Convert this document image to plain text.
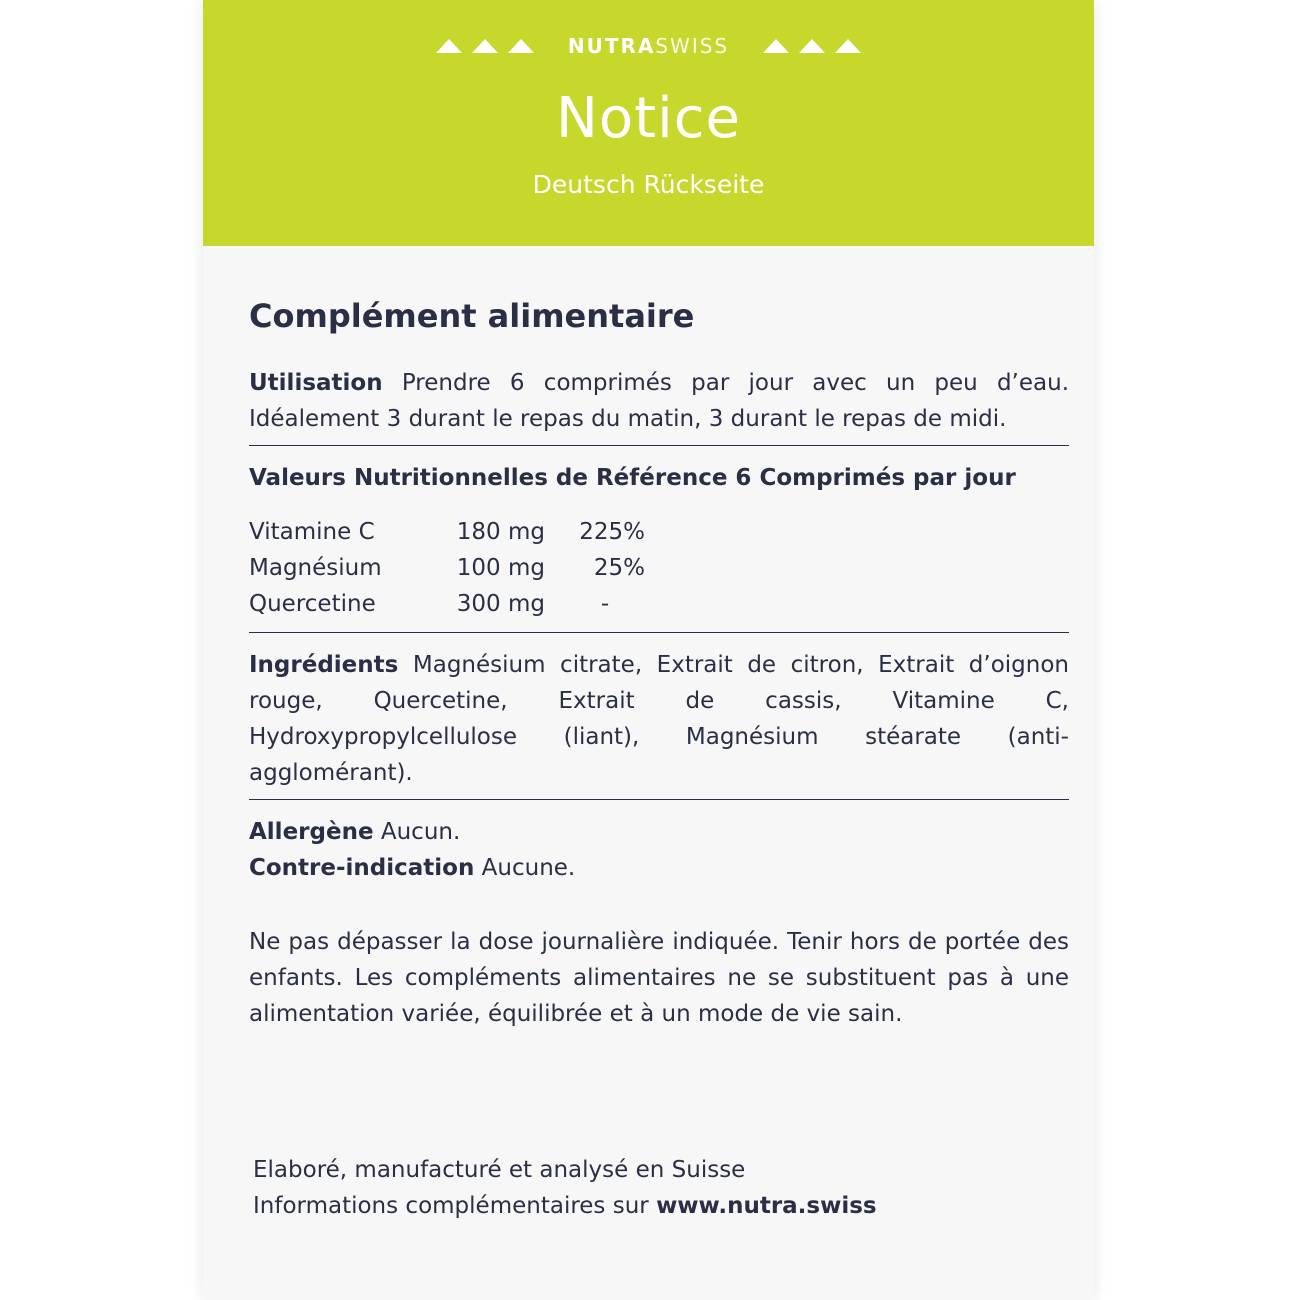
NUTRASWISS
Notice
Deutsch Rückseite
Complément alimentaire

Utilisation Prendre 6 comprimés par jour avec un peu d’eau. Idéalement 3 durant le repas du matin, 3 durant le repas de midi.

Valeurs Nutritionnelles de Référence 6 Comprimés par jour
Vitamine C	180 mg	225%
Magnésium	100 mg	25%
Quercetine	300 mg	-

Ingrédients Magnésium citrate, Extrait de citron, Extrait d’oignon rouge, Quercetine, Extrait de cassis, Vitamine C, Hydroxypropylcellulose (liant), Magnésium stéarate (anti-agglomérant).

Allergène Aucun.

Contre-indication Aucune.

Ne pas dépasser la dose journalière indiquée. Tenir hors de portée des enfants. Les compléments alimentaires ne se substituent pas à une alimentation variée, équilibrée et à un mode de vie sain.

Elaboré, manufacturé et analysé en Suisse
Informations complémentaires sur www.nutra.swiss
